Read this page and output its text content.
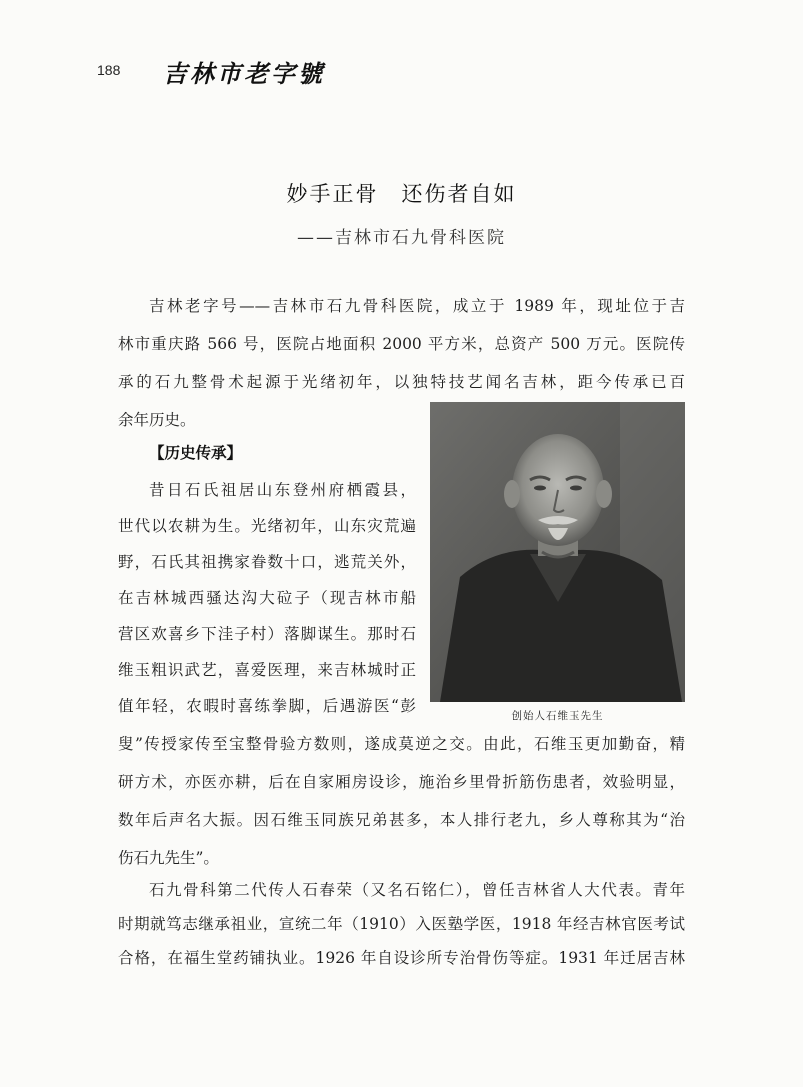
188 吉林市老字號
妙手正骨　还伤者自如
——吉林市石九骨科医院
吉林老字号——吉林市石九骨科医院，成立于 1989 年，现址位于吉
林市重庆路 566 号，医院占地面积 2000 平方米，总资产 500 万元。医院传
承的石九整骨术起源于光绪初年，以独特技艺闻名吉林，距今传承已百
余年历史。
【历史传承】
昔日石氏祖居山东登州府栖霞县，
世代以农耕为生。光绪初年，山东灾荒遍
野，石氏其祖携家眷数十口，逃荒关外，
在吉林城西骚达沟大砬子（现吉林市船
营区欢喜乡下洼子村）落脚谋生。那时石
维玉粗识武艺，喜爱医理，来吉林城时正
值年轻，农暇时喜练拳脚，后遇游医“彭
叟”传授家传至宝整骨验方数则，遂成莫逆之交。由此，石维玉更加勤奋，精
研方术，亦医亦耕，后在自家厢房设诊，施治乡里骨折筋伤患者，效验明显，
数年后声名大振。因石维玉同族兄弟甚多，本人排行老九，乡人尊称其为“治
伤石九先生”。
石九骨科第二代传人石春荣（又名石铭仁），曾任吉林省人大代表。青年
时期就笃志继承祖业，宣统二年（1910）入医塾学医，1918 年经吉林官医考试
合格，在福生堂药铺执业。1926 年自设诊所专治骨伤等症。1931 年迁居吉林
创始人石维玉先生
